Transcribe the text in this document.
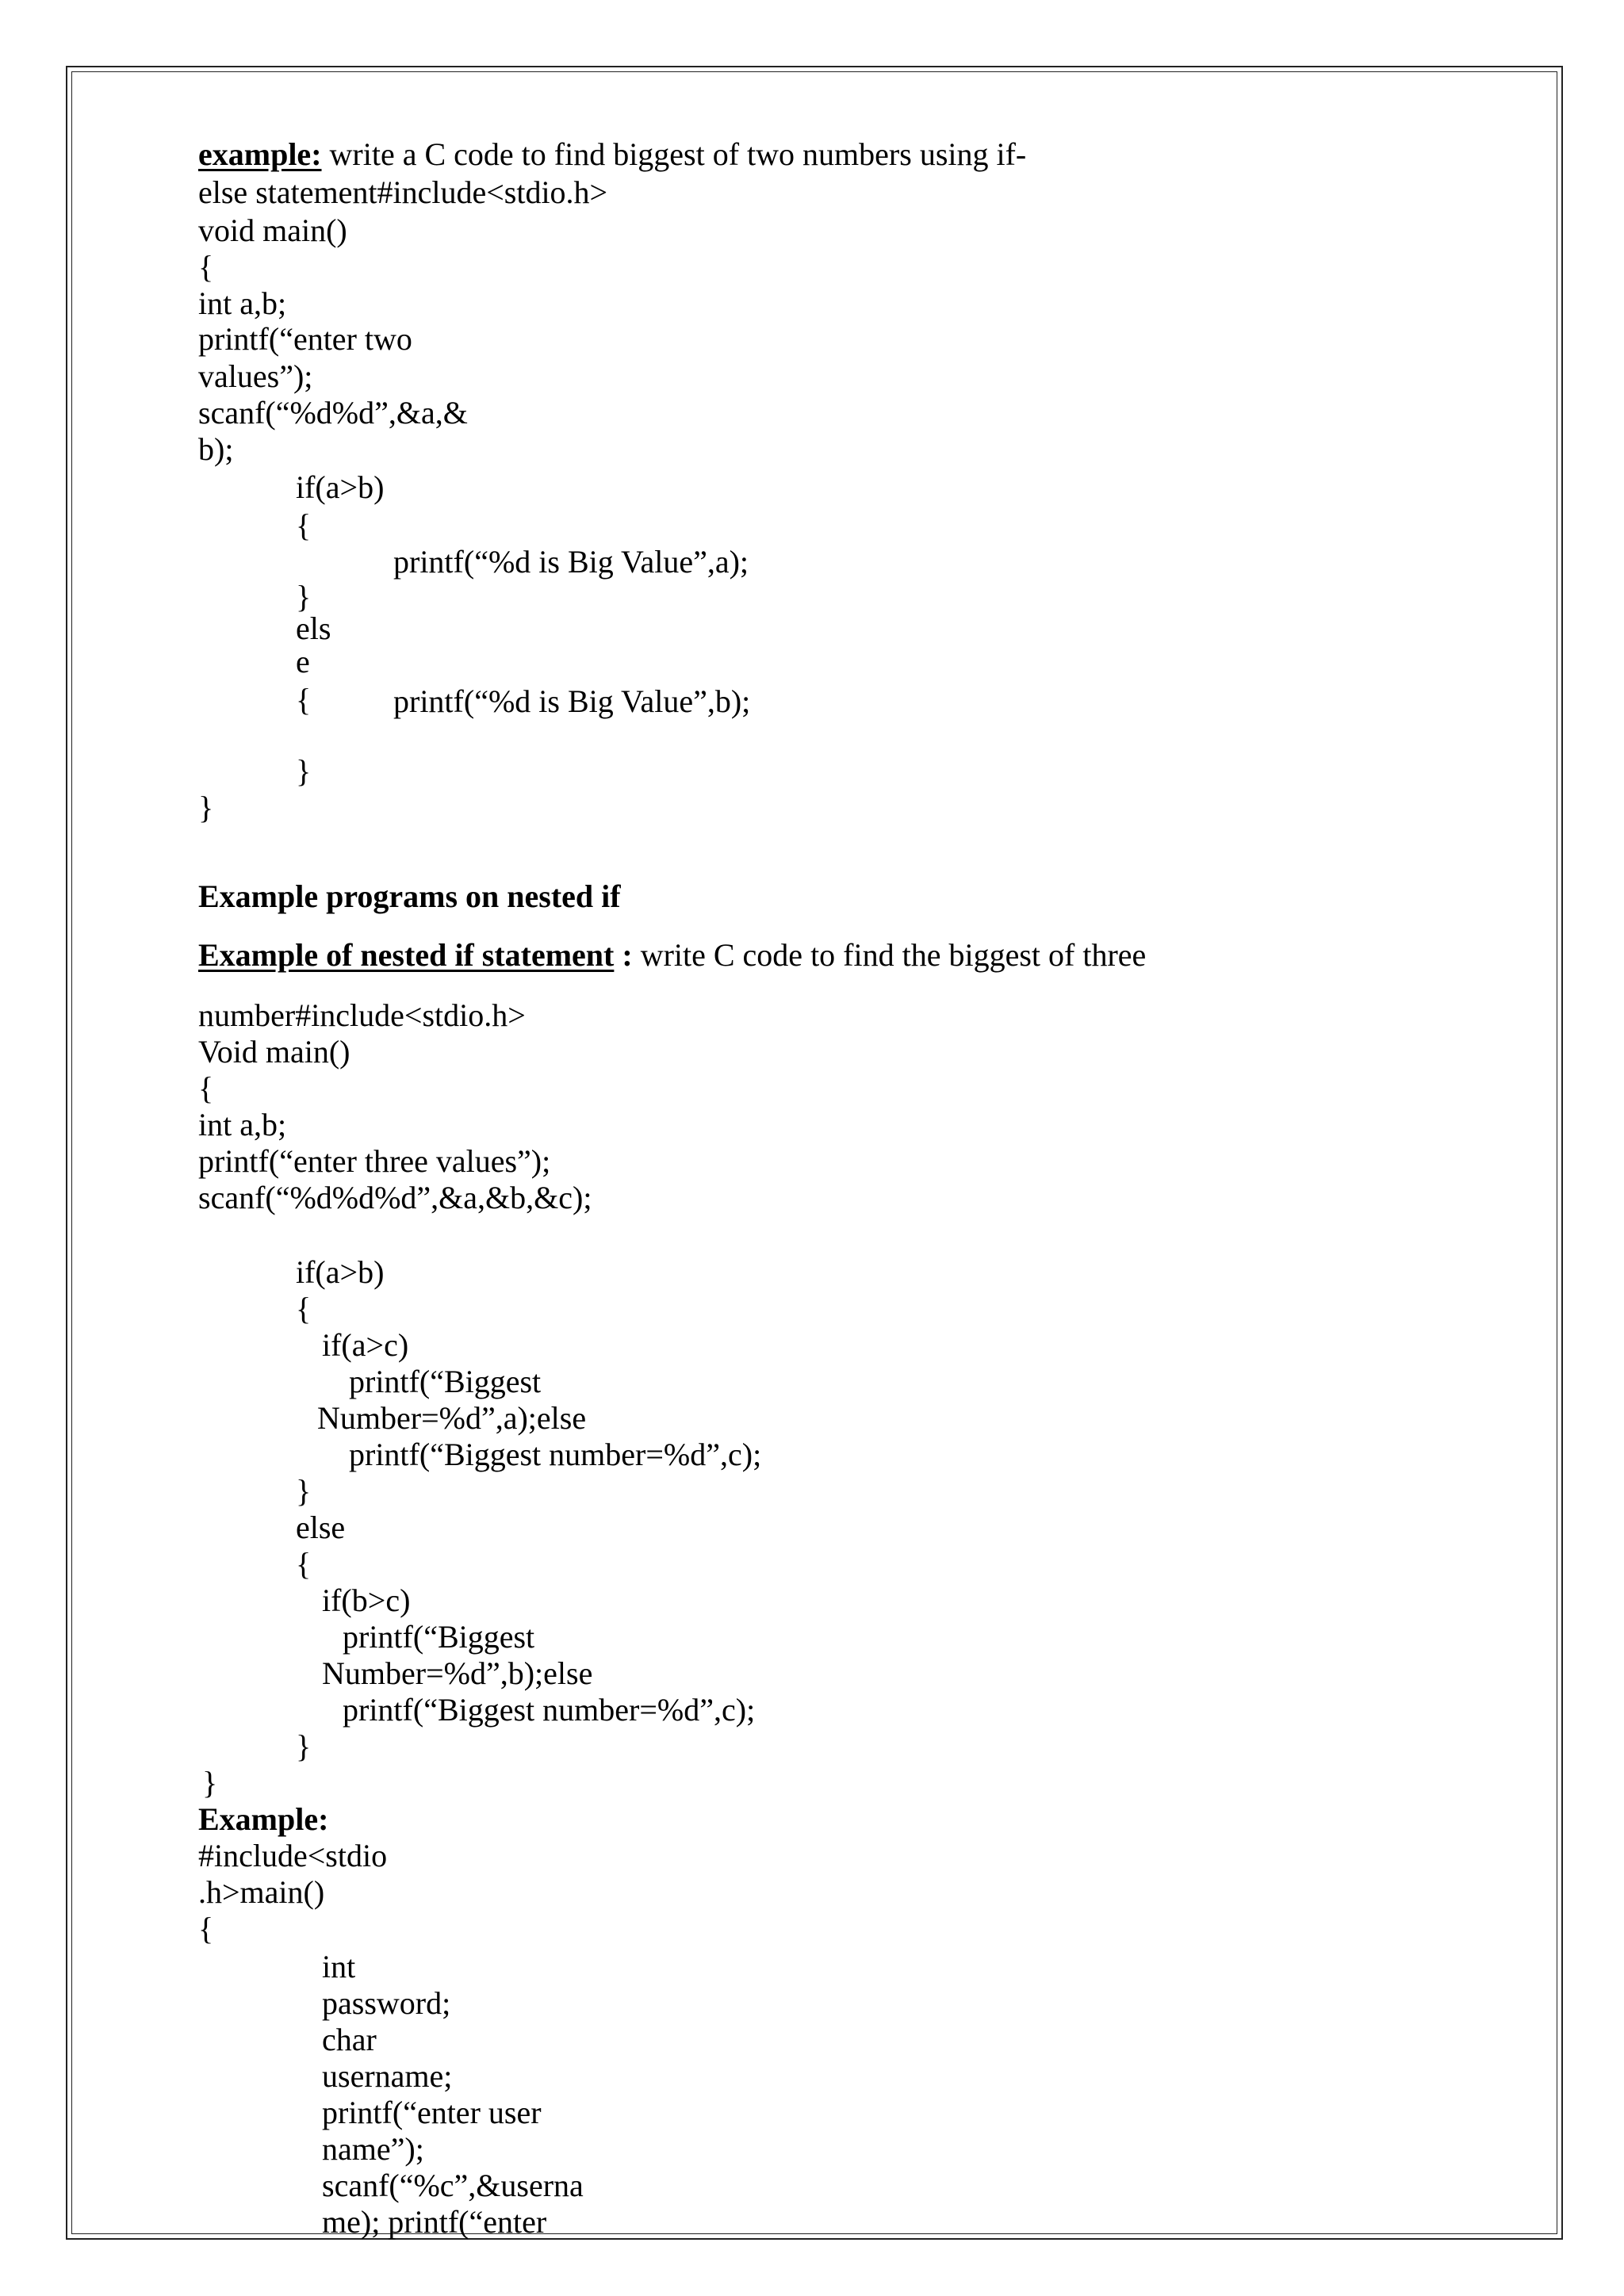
example: write a C code to find biggest of two numbers using if-
else statement#include<stdio.h>
void main()
{
int a,b;
printf(“enter two
values”);
scanf(“%d%d”,&a,&
b);
if(a>b)
{
printf(“%d is Big Value”,a);
}
els
e
{	printf(“%d is Big Value”,b);
}
}
Example programs on nested if
Example of nested if statement : write C code to find the biggest of three
number#include<stdio.h>
Void main()
{
int a,b;
printf(“enter three values”);
scanf(“%d%d%d”,&a,&b,&c);
if(a>b)
{
if(a>c)
printf(“Biggest
Number=%d”,a);else
printf(“Biggest number=%d”,c);
}
else
{
if(b>c)
printf(“Biggest
Number=%d”,b);else
printf(“Biggest number=%d”,c);
}
}
Example:
#include<stdio
.h>main()
{
int
password;
char
username;
printf(“enter user
name”);
scanf(“%c”,&userna
me); printf(“enter
